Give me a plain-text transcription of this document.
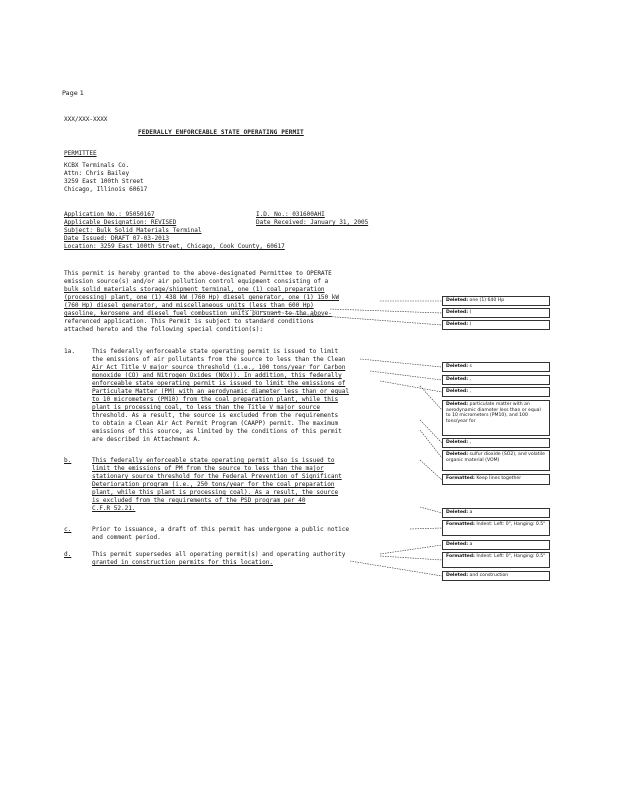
Page 1
XXX/XXX-XXXX
FEDERALLY ENFORCEABLE STATE OPERATING PERMIT
PERMITTEE
KCBX Terminals Co.
Attn: Chris Bailey
3259 East 100th Street
Chicago, Illinois 60617
Application No.: 95050167	I.D. No.: 031600AHI
Applicable Designation: REVISED	Date Received: January 31, 2005
Subject: Bulk Solid Materials Terminal
Date Issued: DRAFT 07-03-2013
Location: 3259 East 100th Street, Chicago, Cook County, 60617
This permit is hereby granted to the above-designated Permittee to OPERATE
emission source(s) and/or air pollution control equipment consisting of a
bulk solid materials storage/shipment terminal, one (1) coal preparation
(processing) plant, one (1) 438 kW (760 Hp) diesel generator, one (1) 150 kW
(760 Hp) diesel generator, and miscellaneous units (less than 600 Hp)
gasoline, kerosene and diesel fuel combustion units pursuant to the above-
referenced application. This Permit is subject to standard conditions
attached hereto and the following special condition(s):
1a.	This federally enforceable state operating permit is issued to limit
the emissions of air pollutants from the source to less than the Clean
Air Act Title V major source threshold (i.e., 100 tons/year for Carbon
monoxide (CO) and Nitrogen Oxides (NOx)). In addition, this federally
enforceable state operating permit is issued to limit the emissions of
Particulate Matter (PM) with an aerodynamic diameter less than or equal
to 10 micrometers (PM10) from the coal preparation plant, while this
plant is processing coal, to less than the Title V major source
threshold. As a result, the source is excluded from the requirements
to obtain a Clean Air Act Permit Program (CAAPP) permit. The maximum
emissions of this source, as limited by the conditions of this permit
are described in Attachment A.
b.	This federally enforceable state operating permit also is issued to
limit the emissions of PM from the source to less than the major
stationary source threshold for the Federal Prevention of Significant
Deterioration program (i.e., 250 tons/year for the coal preparation
plant, while this plant is processing coal). As a result, the source
is excluded from the requirements of the PSD program per 40
C.F.R 52.21.
c.	Prior to issuance, a draft of this permit has undergone a public notice
and comment period.
d.	This permit supersedes all operating permit(s) and operating authority
granted in construction permits for this location.
Deleted: one (1) 640 Hp
Deleted: (
Deleted: )
Deleted: s
Deleted: ,
Deleted: ,
Deleted: particulate matter with an aerodynamic diameter less than or equal to 10 micrometers (PM10), and 100 tons/year for
Deleted: ,
Deleted: sulfur dioxide (SO2), and volatile organic material (VOM)
Formatted: Keep lines together
Deleted: a
Formatted: Indent: Left: 0", Hanging: 0.5"
Deleted: a
Formatted: Indent: Left: 0", Hanging: 0.5"
Deleted: and construction
